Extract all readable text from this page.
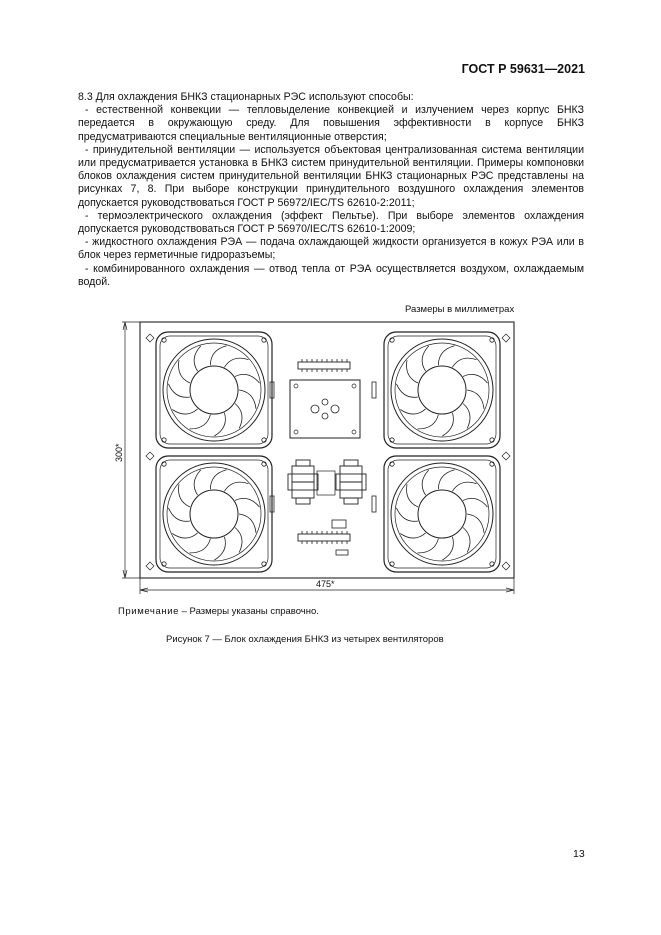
ГОСТ Р 59631—2021

8.3 Для охлаждения БНКЗ стационарных РЭС используют способы:

- естественной конвекции — тепловыделение конвекцией и излучением через корпус БНКЗ передается в окружающую среду. Для повышения эффективности в корпусе БНКЗ предусматриваются специальные вентиляционные отверстия;

- принудительной вентиляции — используется объектовая централизованная система вентиляции или предусматривается установка в БНКЗ систем принудительной вентиляции. Примеры компоновки блоков охлаждения систем принудительной вентиляции БНКЗ стационарных РЭС представлены на рисунках 7, 8. При выборе конструкции принудительного воздушного охлаждения элементов допускается руководствоваться ГОСТ Р 56972/IEC/TS 62610-2:2011;

- термоэлектрического охлаждения (эффект Пельтье). При выборе элементов охлаждения допускается руководствоваться ГОСТ Р 56970/IEC/TS 62610-1:2009;

- жидкостного охлаждения РЭА — подача охлаждающей жидкости организуется в кожух РЭА или в блок через герметичные гидроразъемы;

- комбинированного охлаждения — отвод тепла от РЭА осуществляется воздухом, охлаждаемым водой.

Размеры в миллиметрах
300*
475*
Примечание – Размеры указаны справочно.
Рисунок 7 — Блок охлаждения БНКЗ из четырех вентиляторов
13
